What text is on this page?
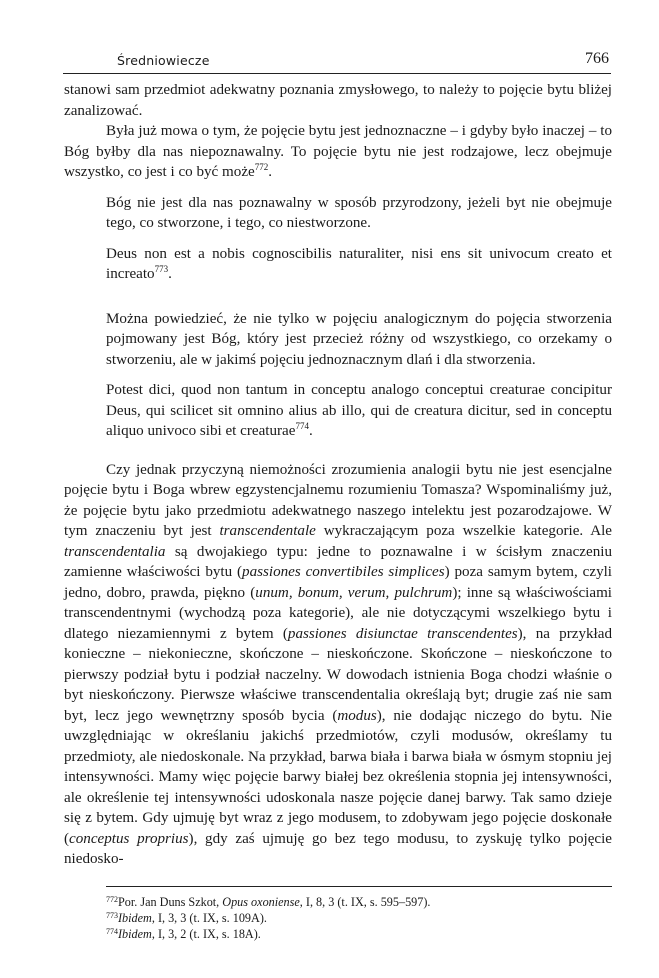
Średniowiecze	766

stanowi sam przedmiot adekwatny poznania zmysłowego, to należy to pojęcie bytu bliżej zanalizować.

Była już mowa o tym, że pojęcie bytu jest jednoznaczne – i gdyby było inaczej – to Bóg byłby dla nas niepoznawalny. To pojęcie bytu nie jest rodzajowe, lecz obejmuje wszystko, co jest i co być może$^{772}$.

Bóg nie jest dla nas poznawalny w sposób przyrodzony, jeżeli byt nie obejmuje tego, co stworzone, i tego, co niestworzone.

Deus non est a nobis cognoscibilis naturaliter, nisi ens sit univocum creato et increato$^{773}$.

Można powiedzieć, że nie tylko w pojęciu analogicznym do pojęcia stworzenia pojmowany jest Bóg, który jest przecież różny od wszystkiego, co orzekamy o stworzeniu, ale w jakimś pojęciu jednoznacznym dlań i dla stworzenia.

Potest dici, quod non tantum in conceptu analogo conceptui creaturae concipitur Deus, qui scilicet sit omnino alius ab illo, qui de creatura dicitur, sed in conceptu aliquo univoco sibi et creaturae$^{774}$.

Czy jednak przyczyną niemożności zrozumienia analogii bytu nie jest esencjalne pojęcie bytu i Boga wbrew egzystencjalnemu rozumieniu Tomasza? Wspominaliśmy już, że pojęcie bytu jako przedmiotu adekwatnego naszego intelektu jest pozarodzajowe. W tym znaczeniu byt jest transcendentale wykraczającym poza wszelkie kategorie. Ale transcendentalia są dwojakiego typu: jedne to poznawalne i w ścisłym znaczeniu zamienne właściwości bytu (passiones convertibiles simplices) poza samym bytem, czyli jedno, dobro, prawda, piękno (unum, bonum, verum, pulchrum); inne są właściwościami transcendentnymi (wychodzą poza kategorie), ale nie dotyczącymi wszelkiego bytu i dlatego niezamiennymi z bytem (passiones disiunctae transcendentes), na przykład konieczne – niekonieczne, skończone – nieskończone. Skończone – nieskończone to pierwszy podział bytu i podział naczelny. W dowodach istnienia Boga chodzi właśnie o byt nieskończony. Pierwsze właściwe transcendentalia określają byt; drugie zaś nie sam byt, lecz jego wewnętrzny sposób bycia (modus), nie dodając niczego do bytu. Nie uwzględniając w określaniu jakichś przedmiotów, czyli modusów, określamy tu przedmioty, ale niedoskonale. Na przykład, barwa biała i barwa biała w ósmym stopniu jej intensywności. Mamy więc pojęcie barwy białej bez określenia stopnia jej intensywności, ale określenie tej intensywności udoskonala nasze pojęcie danej barwy. Tak samo dzieje się z bytem. Gdy ujmuję byt wraz z jego modusem, to zdobywam jego pojęcie doskonałe (conceptus proprius), gdy zaś ujmuję go bez tego modusu, to zyskuję tylko pojęcie niedosko-

$^{772}$Por. Jan Duns Szkot, Opus oxoniense, I, 8, 3 (t. IX, s. 595–597).

$^{773}$Ibidem, I, 3, 3 (t. IX, s. 109A).

$^{774}$Ibidem, I, 3, 2 (t. IX, s. 18A).
